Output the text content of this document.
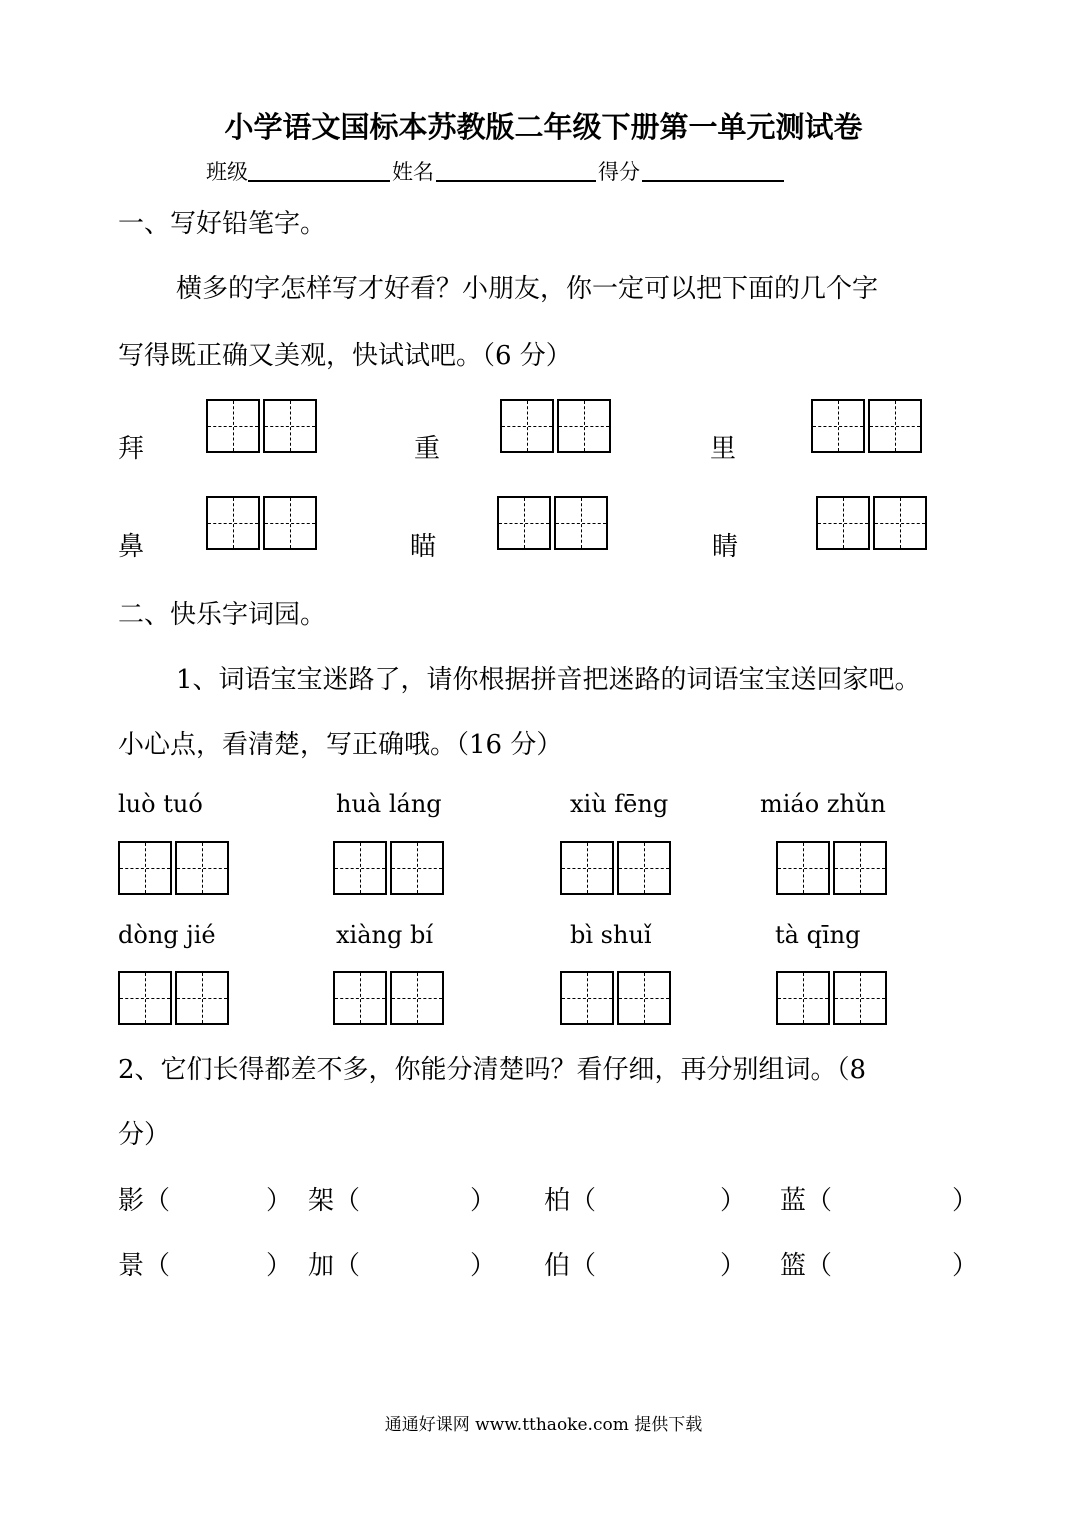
小学语文国标本苏教版二年级下册第一单元测试卷
班级	姓名	得分
一、写好铅笔字。
横多的字怎样写才好看？小朋友，你一定可以把下面的几个字
写得既正确又美观，快试试吧。（6 分）
拜	重	里
鼻	瞄	睛
二、快乐字词园。
1、词语宝宝迷路了，请你根据拼音把迷路的词语宝宝送回家吧。
小心点，看清楚，写正确哦。（16 分）
luò tuó	huà láng	xiù fēng	miáo zhǔn
dòng jié	xiàng bí	bì shuǐ	tà qīng
2、它们长得都差不多，你能分清楚吗？看仔细，再分别组词。（8
分）
影（	） 架（	） 柏（	） 蓝（	）
景（	） 加（	） 伯（	） 篮（	）
通通好课网 www.tthaoke.com 提供下载
